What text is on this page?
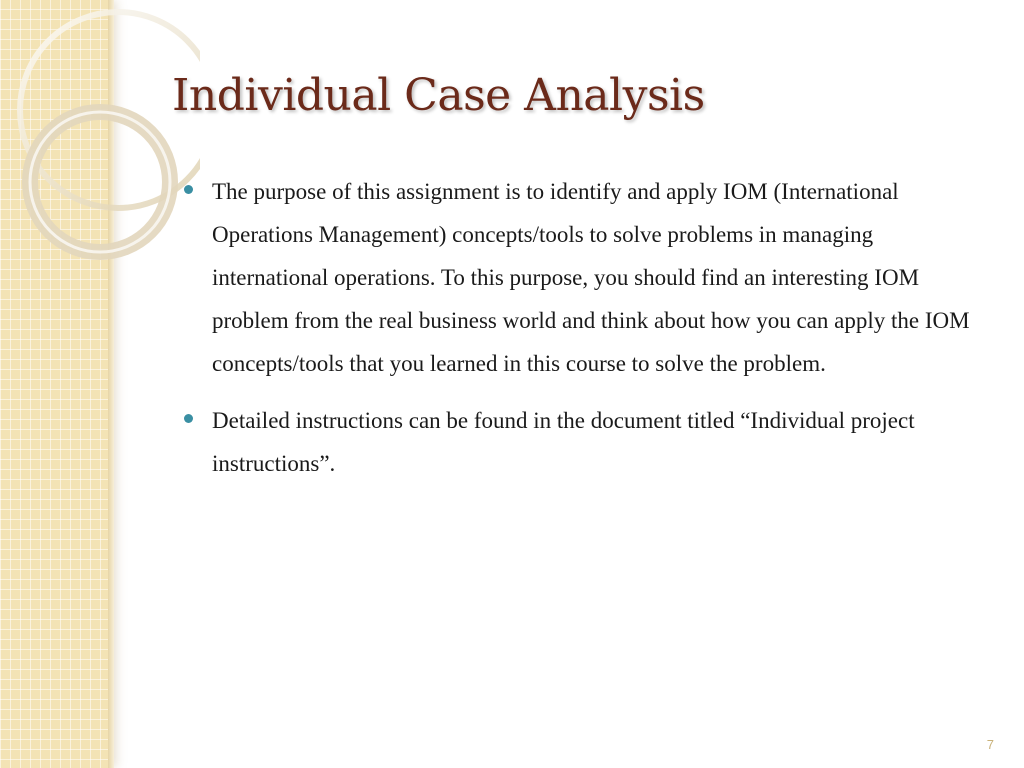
Individual Case Analysis
The purpose of this assignment is to identify and apply IOM (International Operations Management) concepts/tools to solve problems in managing international operations. To this purpose, you should find an interesting IOM problem from the real business world and think about how you can apply the IOM concepts/tools that you learned in this course to solve the problem.
Detailed instructions can be found in the document titled “Individual project instructions”.
7
